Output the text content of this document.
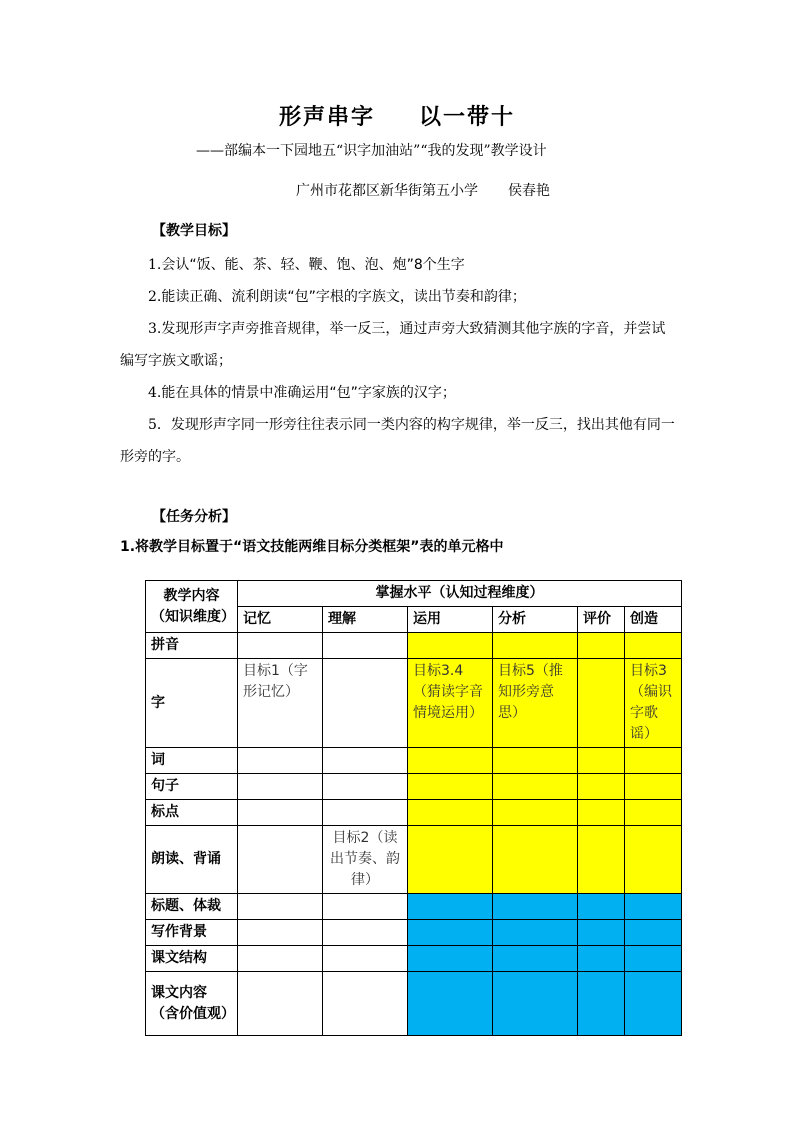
形声串字 以一带十
——部编本一下园地五“识字加油站”“我的发现”教学设计
广州市花都区新华街第五小学 侯春艳
【教学目标】
1.会认“饭、能、茶、轻、鞭、饱、泡、炮”8个生字
2.能读正确、流利朗读“包”字根的字族文，读出节奏和韵律；
3.发现形声字声旁推音规律，举一反三，通过声旁大致猜测其他字族的字音，并尝试
编写字族文歌谣；
4.能在具体的情景中准确运用“包”字家族的汉字；
5．发现形声字同一形旁往往表示同一类内容的构字规律，举一反三，找出其他有同一
形旁的字。
【任务分析】
1.将教学目标置于“语文技能两维目标分类框架”表的单元格中
教学内容（知识维度）	掌握水平（认知过程维度）					
	记忆	理解	运用	分析	评价	创造
拼音						
字	目标1（字形记忆）		目标3.4（猜读字音情境运用）	目标5（推知形旁意思）		目标3（编识字歌谣）
词						
句子						
标点						
朗读、背诵		目标2（读出节奏、韵律）				
标题、体裁						
写作背景						
课文结构						
课文内容（含价值观）						
